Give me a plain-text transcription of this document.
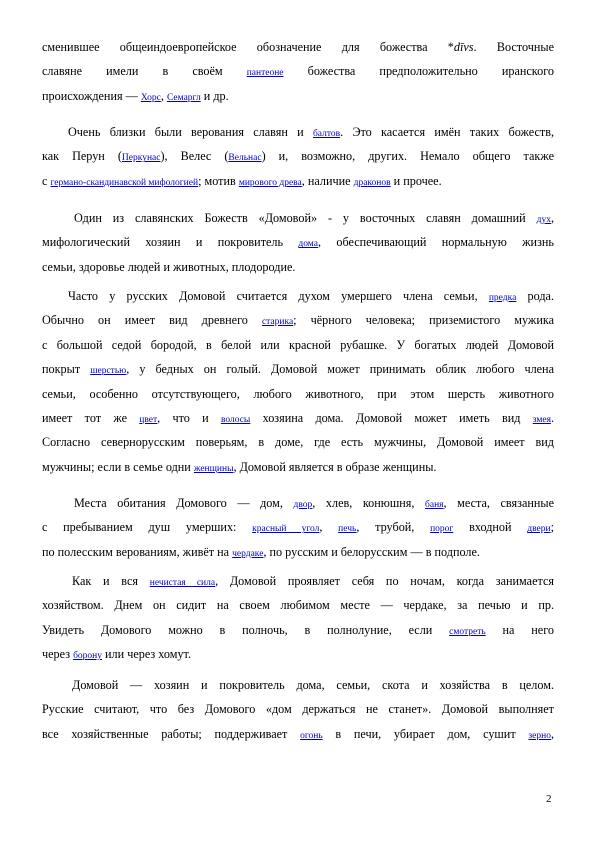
сменившее общеиндоевропейское обозначение для божества *dīvs. Восточные
славяне имели в своём пантеоне божества предположительно иранского
происхождения — Хорс, Семаргл и др.
Очень близки были верования славян и балтов. Это касается имён таких божеств,
как Перун (Перкунас), Велес (Вельнас) и, возможно, других. Немало общего также
с германо-скандинавской мифологией; мотив мирового древа, наличие драконов и прочее.
Один из славянских Божеств «Домовой» - у восточных славян домашний дух,
мифологический хозяин и покровитель дома, обеспечивающий нормальную жизнь
семьи, здоровье людей и животных, плодородие.
Часто у русских Домовой считается духом умершего члена семьи, предка рода.
Обычно он имеет вид древнего старика; чёрного человека; приземистого мужика
с большой седой бородой, в белой или красной рубашке. У богатых людей Домовой
покрыт шерстью, у бедных он голый. Домовой может принимать облик любого члена
семьи, особенно отсутствующего, любого животного, при этом шерсть животного
имеет тот же цвет, что и волосы хозяина дома. Домовой может иметь вид змея.
Согласно севернорусским поверьям, в доме, где есть мужчины, Домовой имеет вид
мужчины; если в семье одни женщины, Домовой является в образе женщины.
Места обитания Домового — дом, двор, хлев, конюшня, баня, места, связанные
с пребыванием душ умерших: красный угол, печь, трубой, порог входной двери;
по полесским верованиям, живёт на чердаке, по русским и белорусским — в подполе.
Как и вся нечистая сила, Домовой проявляет себя по ночам, когда занимается
хозяйством. Днем он сидит на своем любимом месте — чердаке, за печью и пр.
Увидеть Домового можно в полночь, в полнолуние, если смотреть на него
через борону или через хомут.
Домовой — хозяин и покровитель дома, семьи, скота и хозяйства в целом.
Русские считают, что без Домового «дом держаться не станет». Домовой выполняет
все хозяйственные работы; поддерживает огонь в печи, убирает дом, сушит зерно,
2
